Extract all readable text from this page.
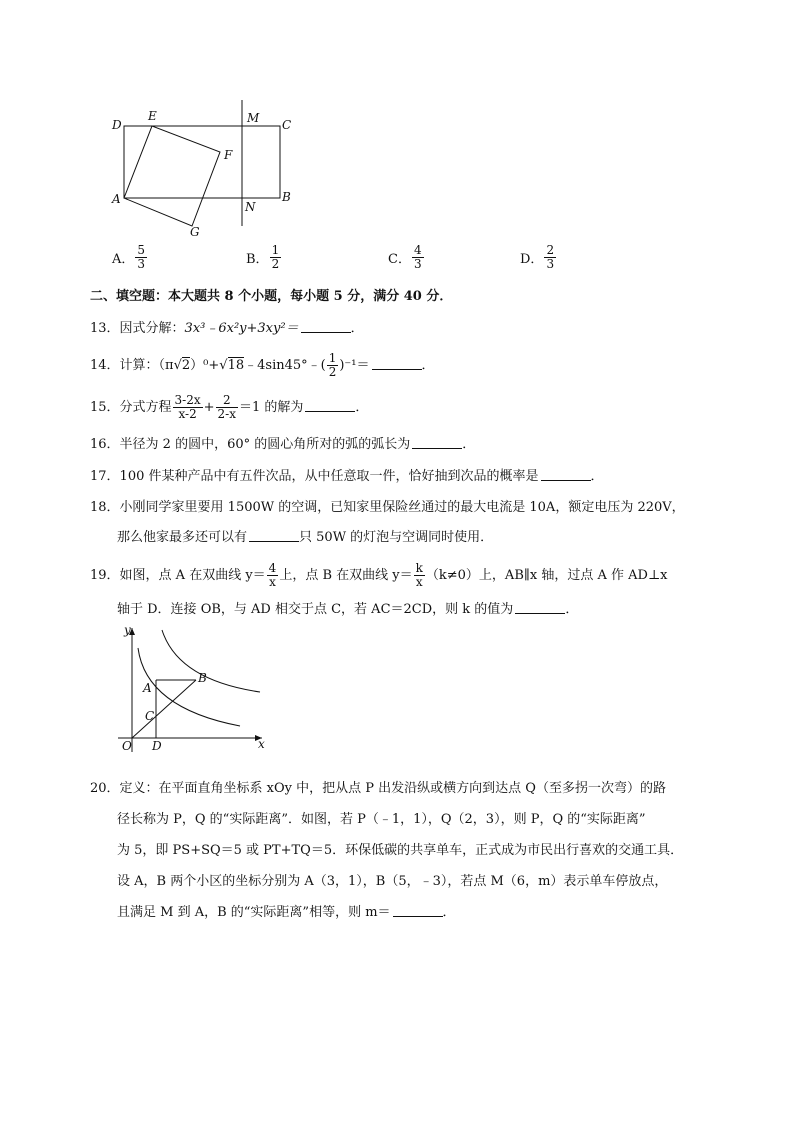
D
E	M C
F
A
N
B
G
A． $\frac{5}{3}$	B． $\frac{1}{2}$	C． $\frac{4}{3}$	D． $\frac{2}{3}$
二、填空题：本大题共 8 个小题，每小题 5 分，满分 40 分．
13．因式分解：3x³﹣6x²y+3xy²＝	．
14．计算：（π√2）⁰+√18﹣4sin45°﹣( $\frac{1}{2} )^{-1}=$	．
15．分式方程 $\frac{3-2x}{x-2} + \frac{2}{2-x} =1$ 的解为	．
16．半径为 2 的圆中，60° 的圆心角所对的弧的弧长为	．
17．100 件某种产品中有五件次品，从中任意取一件，恰好抽到次品的概率是	．
18．小刚同学家里要用 1500W 的空调，已知家里保险丝通过的最大电流是 10A，额定电压为 220V，
那么他家最多还可以有	只 50W 的灯泡与空调同时使用．
19．如图，点 A 在双曲线 $y= \frac{4}{x}$ 上，点 B 在双曲线 $y= \frac{k}{x} (k\ne 0)$上，AB∥x 轴，过点 A 作 AD⊥x
轴于 D．连接 OB，与 AD 相交于点 C，若 AC＝2CD，则 k 的值为	．
y
x
O D
A
B
C
20．定义：在平面直角坐标系 xOy 中，把从点 P 出发沿纵或横方向到达点 Q（至多拐一次弯）的路
径长称为 P，Q 的“实际距离”．如图，若 P（﹣1，1），Q（2，3），则 P，Q 的“实际距离”
为 5，即 PS+SQ＝5 或 PT+TQ＝5．环保低碳的共享单车，正式成为市民出行喜欢的交通工具．
设 A，B 两个小区的坐标分别为 A（3，1），B（5，﹣3），若点 M（6，m）表示单车停放点，
且满足 M 到 A，B 的“实际距离”相等，则 m＝	．
